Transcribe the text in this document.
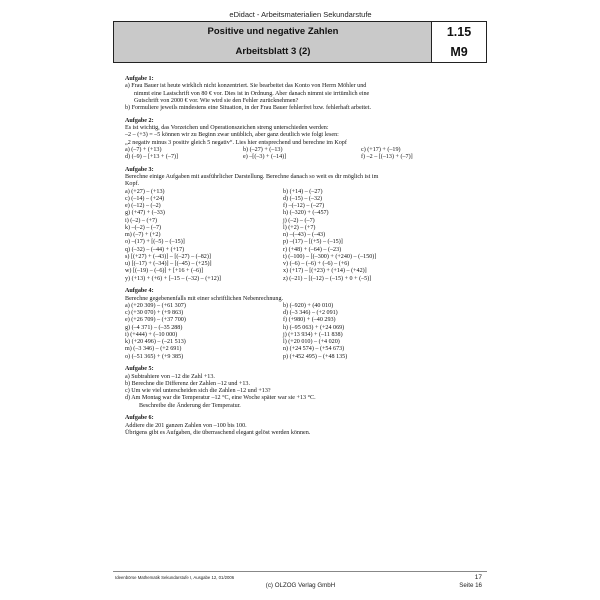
eDidact - Arbeitsmaterialien Sekundarstufe
Positive und negative Zahlen	1.15
Arbeitsblatt 3 (2)	M9
Aufgabe 1:
a) Frau Bauer ist heute wirklich nicht konzentriert. Sie bearbeitet das Konto von Herrn Möhler und
nimmt eine Lastschrift von 80 € vor. Dies ist in Ordnung. Aber danach nimmt sie irrtümlich eine
Gutschrift von 2000 € vor. Wie wird sie den Fehler zurücknehmen?
b) Formuliere jeweils mindestens eine Situation, in der Frau Bauer fehlerfrei bzw. fehlerhaft arbeitet.
Aufgabe 2:
Es ist wichtig, das Vorzeichen und Operationszeichen streng unterschieden werden:
–2 – (+3) = –5 können wir zu Beginn zwar unüblich, aber ganz deutlich wie folgt lesen:
„2 negativ minus 3 positiv gleich 5 negativ“. Lies hier entsprechend und berechne im Kopf
a) (–7) + (+13)	b) (–27) + (–13)	c) (+17) + (–19)
d) (–9) – [+13 + (–7)]	e) –[(–3) + (–14)]	f) –2 – [(–13) + (–7)]
Aufgabe 3:
Berechne einige Aufgaben mit ausführlicher Darstellung. Berechne danach so weit es dir möglich ist im
Kopf.
a) (+27) – (+13)	b) (+14) – (–27)
c) (–14) – (+24)	d) (–15) – (–32)
e) (–12) – (–2)	f) –(–12) – (–27)
g) (+47) + (–33)	h) (–320) + (–457)
i) (–2) – (+7)	j) (–2) – (–7)
k) –(–2) – (–7)	l) (+2) – (+7)
m) (–7) + (+2)	n) –(–43) – (–43)
o) –(17) + [(–5) – (–15)]	p) –(17) – [(+5) – (–15)]
q) (–32) – (–44) + (+17)	r) (+48) + (–64) – (–23)
s) [(+27) + (–43)] – [(–27) – (–82)]	t) (–100) – [(–300) + (+240) – (–150)]
u) [(–17) + (–34)] – [(–45) – (+25)]	v) (–6) – (–6) + (–6) – (+6)
w) [(–19) – (–6)] + [+16 + (–6)]	x) (+17) – [(+23) + (+14) – (+42)]
y) (+13) + (+6) + [–15 – (–32) – (+12)]	z) (–21) – [(–12) – (–15) + 0 + (–5)]
Aufgabe 4:
Berechne gegebenenfalls mit einer schriftlichen Nebenrechnung.
a) (+20 309) – (+61 307)	b) (–920) + (40 010)
c) (+30 070) + (+9 863)	d) (–3 346) – (+2 091)
e) (+26 709) – (+37 700)	f) (+980) + (–40 293)
g) (–4 371) – (–35 288)	h) (–95 063) + (+24 069)
i) (+444) + (–10 000)	j) (+13 934) + (–11 838)
k) (+20 496) – (–21 513)	l) (+20 010) – (+4 020)
m) (–3 346) – (+2 691)	n) (+24 574) – (+54 673)
o) (–51 365) + (+9 385)	p) (+452 495) – (+48 135)
Aufgabe 5:
a) Subtrahiere von –12 die Zahl +13.
b) Berechne die Differenz der Zahlen –12 und +13.
c) Um wie viel unterscheiden sich die Zahlen –12 und +13?
d) Am Montag war die Temperatur –12 °C, eine Woche später war sie +13 °C.
Beschreibe die Änderung der Temperatur.
Aufgabe 6:
Addiere die 201 ganzen Zahlen von –100 bis 100.
Übrigens gibt es Aufgaben, die überraschend elegant gelöst werden können.
Ideenbörse Mathematik Sekundarstufe I, Ausgabe 12, 01/2006
(c) OLZOG Verlag GmbH
17
Seite 16
